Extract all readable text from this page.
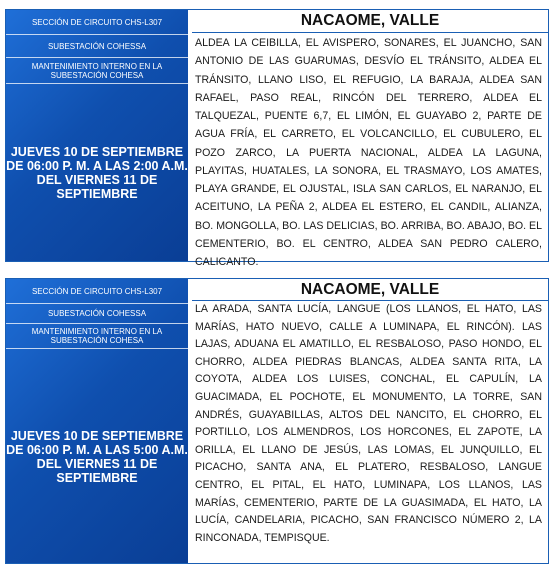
SECCIÓN DE CIRCUITO CHS-L307
SUBESTACIÓN COHESSA
MANTENIMIENTO INTERNO EN LA SUBESTACIÓN COHESA
JUEVES 10 DE SEPTIEMBRE DE 06:00 P. M. A LAS 2:00 A.M. DEL VIERNES 11 DE SEPTIEMBRE
NACAOME, VALLE
ALDEA LA CEIBILLA, EL AVISPERO, SONARES, EL JUANCHO, SAN ANTONIO DE LAS GUARUMAS, DESVÍO EL TRÁNSITO, ALDEA EL TRÁNSITO, LLANO LISO, EL REFUGIO, LA BARAJA, ALDEA SAN RAFAEL, PASO REAL, RINCÓN DEL TERRERO, ALDEA EL TALQUEZAL, PUENTE 6,7, EL LIMÓN, EL GUAYABO 2, PARTE DE AGUA FRÍA, EL CARRETO, EL VOLCANCILLO, EL CUBULERO, EL POZO ZARCO, LA PUERTA NACIONAL, ALDEA LA LAGUNA, PLAYITAS, HUATALES, LA SONORA, EL TRASMAYO, LOS AMATES, PLAYA GRANDE, EL OJUSTAL, ISLA SAN CARLOS, EL NARANJO, EL ACEITUNO, LA PEÑA 2, ALDEA EL ESTERO, EL CANDIL, ALIANZA, BO. MONGOLLA, BO. LAS DELICIAS, BO. ARRIBA, BO. ABAJO, BO. EL CEMENTERIO, BO. EL CENTRO, ALDEA SAN PEDRO CALERO, CALICANTO.
SECCIÓN DE CIRCUITO CHS-L307
SUBESTACIÓN COHESSA
MANTENIMIENTO INTERNO EN LA SUBESTACIÓN COHESA
JUEVES 10 DE SEPTIEMBRE DE 06:00 P. M. A LAS 5:00 A.M. DEL VIERNES 11 DE SEPTIEMBRE
NACAOME, VALLE
LA ARADA, SANTA LUCÍA, LANGUE (LOS LLANOS, EL HATO, LAS MARÍAS, HATO NUEVO, CALLE A LUMINAPA, EL RINCÓN). LAS LAJAS, ADUANA EL AMATILLO, EL RESBALOSO, PASO HONDO, EL CHORRO, ALDEA PIEDRAS BLANCAS, ALDEA SANTA RITA, LA COYOTA, ALDEA LOS LUISES, CONCHAL, EL CAPULÍN, LA GUACIMADA, EL POCHOTE, EL MONUMENTO, LA TORRE, SAN ANDRÉS, GUAYABILLAS, ALTOS DEL NANCITO, EL CHORRO, EL PORTILLO, LOS ALMENDROS, LOS HORCONES, EL ZAPOTE, LA ORILLA, EL LLANO DE JESÚS, LAS LOMAS, EL JUNQUILLO, EL PICACHO, SANTA ANA, EL PLATERO, RESBALOSO, LANGUE CENTRO, EL PITAL, EL HATO, LUMINAPA, LOS LLANOS, LAS MARÍAS, CEMENTERIO, PARTE DE LA GUASIMADA, EL HATO, LA LUCÍA, CANDELARIA, PICACHO, SAN FRANCISCO NÚMERO 2, LA RINCONADA, TEMPISQUE.
